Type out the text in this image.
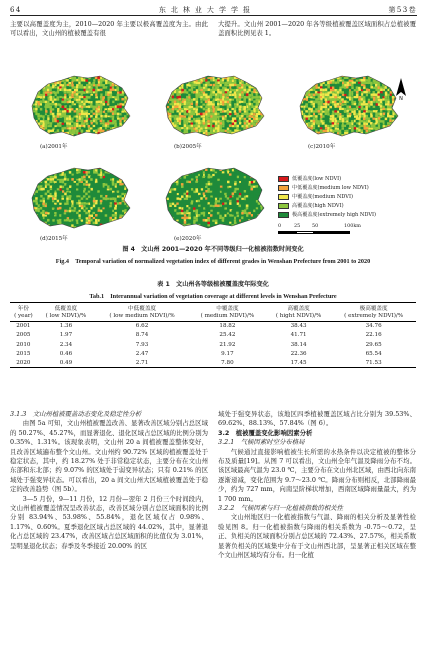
64	东 北 林 业 大 学 学 报	第53卷

主要以高覆盖度为主，2010—2020 年主要以极高覆盖度为主。由此可以看出，文山州的植被覆盖有很

大提升。文山州 2001—2020 年各等级植被覆盖区域面积占总植被覆盖面积比例见表 1。

(a)2001年	(b)2005年	(c)2010年
(d)2015年	(e)2020年
N
低覆盖度(low NDVI)
中低覆盖度(medium low NDVI)
中覆盖度(medium NDVI)
高覆盖度(high NDVI)
极高覆盖度(extremely high NDVI)
0	25 50	100km
图 4　文山州 2001—2020 年不同等级归一化植被指数时间变化
Fig.4　Temporal variation of normalized vegetation index of different grades in Wenshan Prefecture from 2001 to 2020
表 1　文山州各等级植被覆盖度年际变化
Tab.1　Interannual variation of vegetation coverage at different levels in Wenshan Prefecture
年份	低覆盖度	中低覆盖度	中覆盖度	高覆盖度	极高覆盖度
( year)	( low NDVI)/%	( low medium NDVI)/%	( medium NDVI)/%	( hight NDVI)/%	( extremely NDVI)/%
2001	1.36	6.62	18.82	38.43	34.76
2005	1.97	8.74	25.42	41.71	22.16
2010	2.34	7.93	21.92	38.14	29.65
2015	0.46	2.47	9.17	22.36	65.54
2020	0.49	2.71	7.80	17.45	71.53

3.1.3　文山州植被覆盖动态变化及稳定性分析

由图 5a 可知，文山州植被覆盖改善、显著改善区域分别占总区域的 50.27%、45.27%，而显著退化、退化区域占总区域的比例分别为 0.35%、1.31%。该现象表明，文山州 20 a 间植被覆盖整体变好，且改善区域遍布整个文山州。文山州约 90.72% 区域的植被覆盖处于稳定状态，其中，约 18.27% 处于非常稳定状态，主要分布在文山州东部和东北部；约 9.07% 的区域处于弱变异状态；只有 0.21% 的区域处于强变异状态。可以看出，20 a 间文山州大区域植被覆盖处于稳定的改善趋势（图 5b）。

3—5 月份，9—11 月份，12 月份—翌年 2 月份三个时间段内，文山州植被覆盖情况呈改善状态，改善区域分别占总区域面积的比例分别 83.94%、53.98%、55.84%，退化区域仅占 0.98%、1.17%、0.60%。夏季退化区域占总区域的 44.02%，其中，显著退化占总区域的 23.47%，改善区域占总区域面积的比值仅为 3.01%，呈明显退化状态；春季及冬季接近 20.00% 的区

域处于强变异状态，该地区四季植被覆盖区域占比分别为 39.53%、69.62%、88.13%、57.84%（图 6）。

3.2　植被覆盖变化影响因素分析

3.2.1　气候因素时空分布格局

气候通过直接影响植被生长所需的水热条件以决定植被的整体分布及质量[19]。从图 7 可以看出，文山州全年气温及降雨分布不均。该区域最高气温为 23.0 ℃，主要分布在文山州北区域，由西北向东南逐渐递减，变化范围为 9.7～23.0 ℃。降雨分布则相反，北部降雨最少，约为 727 mm，向南呈阶梯状增加，西南区域降雨量最大，约为 1 700 mm。

3.2.2　气候因素与归一化植被指数的相关性

文山州地区归一化植被指数与气温、降雨的相关分析及显著性检验见图 8。归一化植被指数与降雨的相关系数为 -0.75～0.72，呈正、负相关的区域面积分别占总区域的 72.43%、27.57%，相关系数显著负相关的区域集中分布于文山州西北部，呈显著正相关区域在整个文山州区域均有分布。归一化植
